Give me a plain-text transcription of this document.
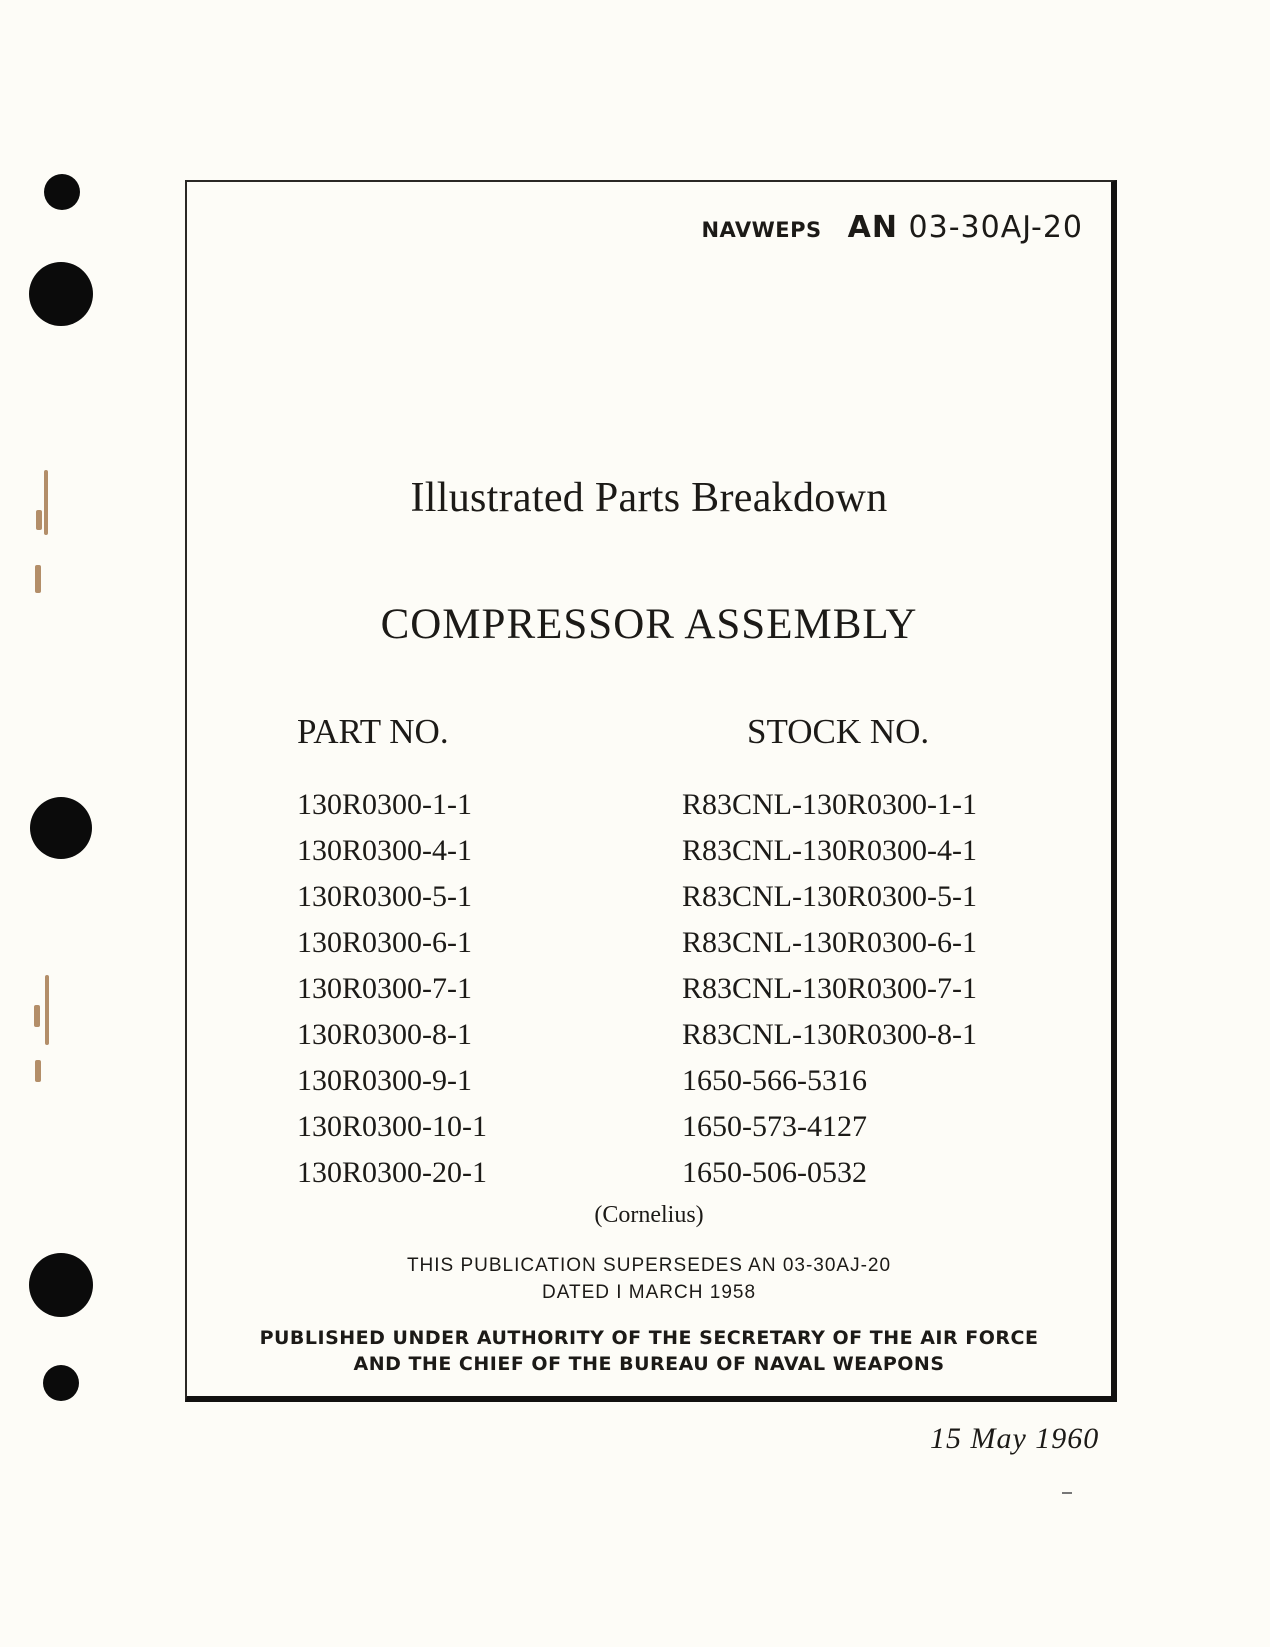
NAVWEPS AN 03-30AJ-20
Illustrated Parts Breakdown
COMPRESSOR ASSEMBLY
PART NO.	STOCK NO.
130R0300-1-1	R83CNL-130R0300-1-1
130R0300-4-1	R83CNL-130R0300-4-1
130R0300-5-1	R83CNL-130R0300-5-1
130R0300-6-1	R83CNL-130R0300-6-1
130R0300-7-1	R83CNL-130R0300-7-1
130R0300-8-1	R83CNL-130R0300-8-1
130R0300-9-1	1650-566-5316
130R0300-10-1	1650-573-4127
130R0300-20-1	1650-506-0532
(Cornelius)
THIS PUBLICATION SUPERSEDES AN 03-30AJ-20
DATED I MARCH 1958
PUBLISHED UNDER AUTHORITY OF THE SECRETARY OF THE AIR FORCE
AND THE CHIEF OF THE BUREAU OF NAVAL WEAPONS
15 May 1960
